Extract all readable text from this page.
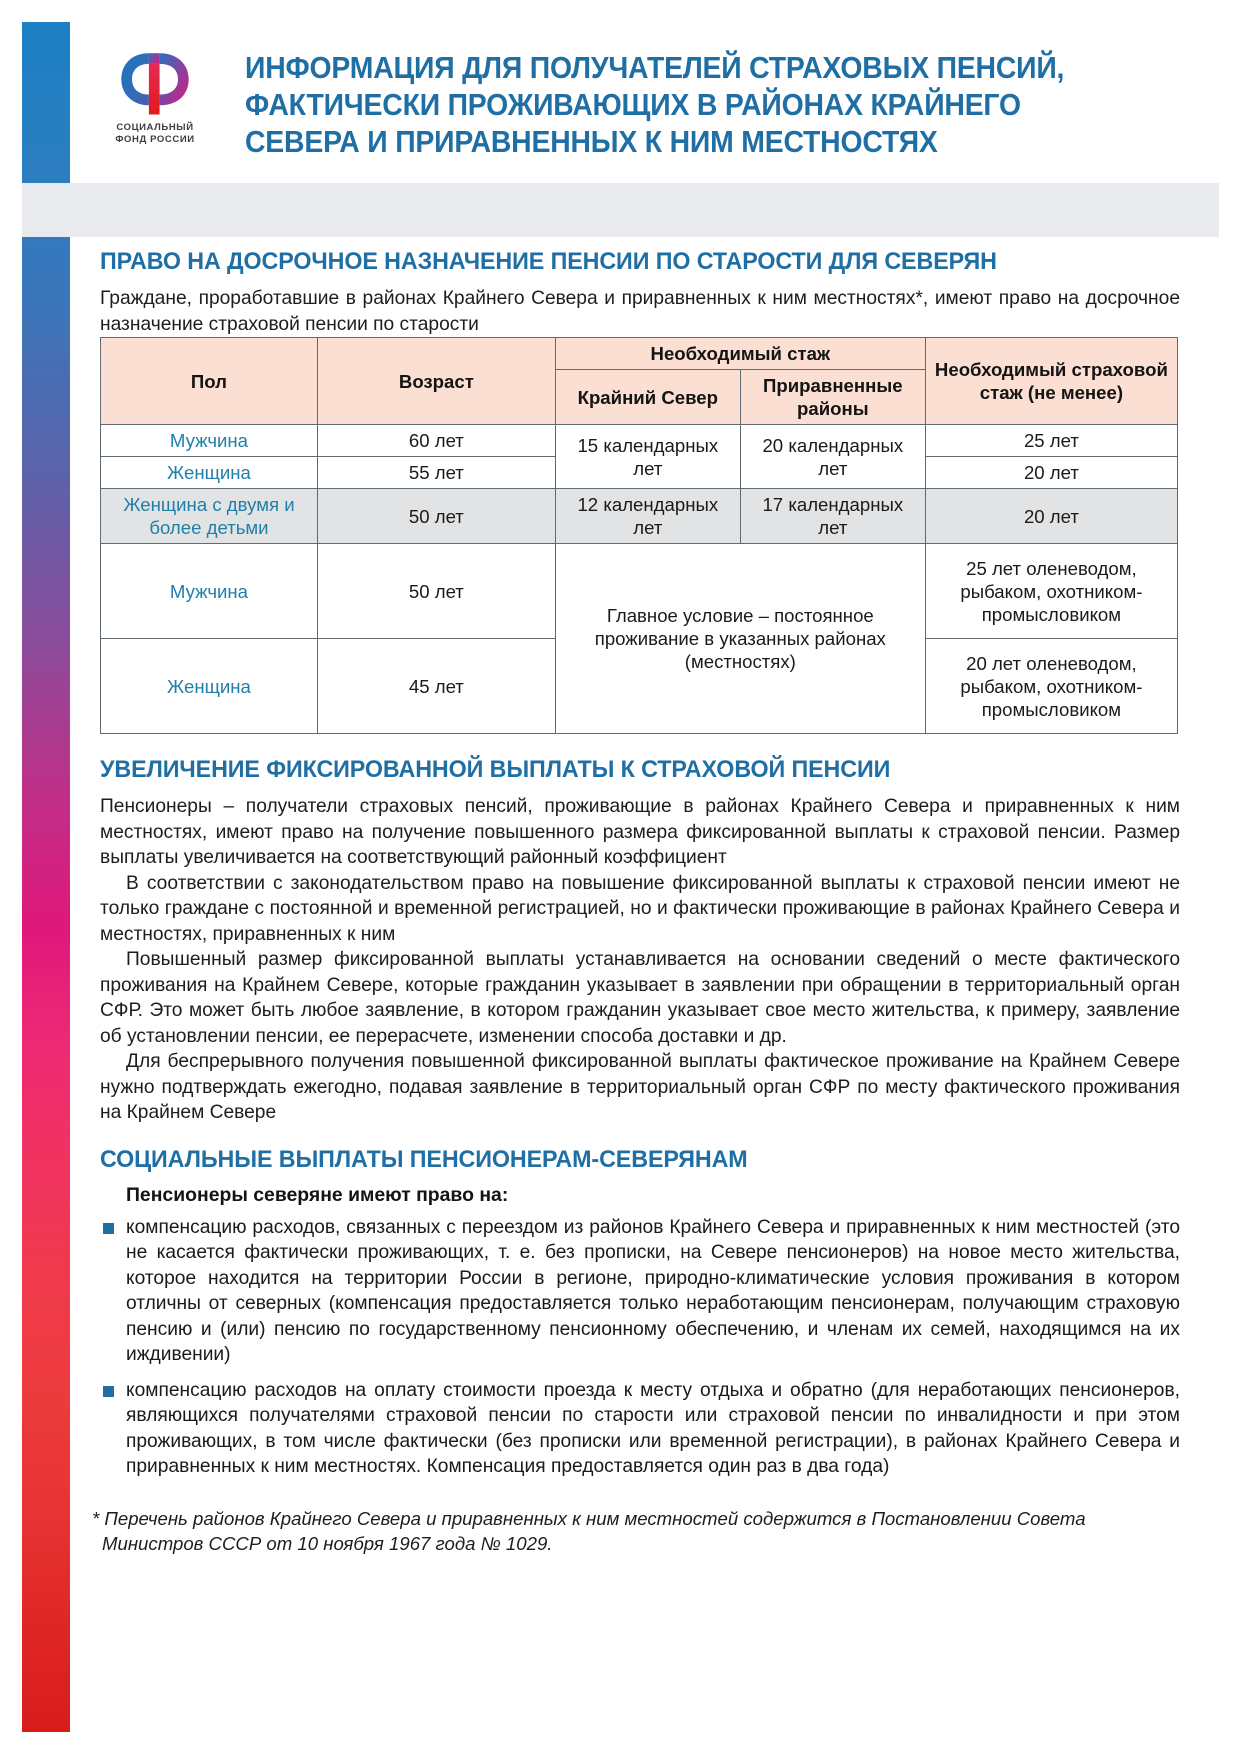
СОЦИАЛЬНЫЙ
ФОНД РОССИИ
ИНФОРМАЦИЯ ДЛЯ ПОЛУЧАТЕЛЕЙ СТРАХОВЫХ ПЕНСИЙ, ФАКТИЧЕСКИ ПРОЖИВАЮЩИХ В РАЙОНАХ КРАЙНЕГО СЕВЕРА И ПРИРАВНЕННЫХ К НИМ МЕСТНОСТЯХ
ПРАВО НА ДОСРОЧНОЕ НАЗНАЧЕНИЕ ПЕНСИИ ПО СТАРОСТИ ДЛЯ СЕВЕРЯН

Граждане, проработавшие в районах Крайнего Севера и приравненных к ним местностях*, имеют право на досрочное назначение страховой пенсии по старости

Пол	Возраст	Необходимый стаж		Необходимый страховой стаж (не менее)
		Крайний Север	Приравненные районы	
Мужчина	60 лет	15 календарных лет	20 календарных лет	25 лет
Женщина	55 лет			20 лет
Женщина с двумя и более детьми	50 лет	12 календарных лет	17 календарных лет	20 лет
Мужчина	50 лет	Главное условие – постоянное проживание в указанных районах (местностях)		25 лет оленеводом, рыбаком, охотником-промысловиком
Женщина	45 лет			20 лет оленеводом, рыбаком, охотником-промысловиком
УВЕЛИЧЕНИЕ ФИКСИРОВАННОЙ ВЫПЛАТЫ К СТРАХОВОЙ ПЕНСИИ

Пенсионеры – получатели страховых пенсий, проживающие в районах Крайнего Севера и приравненных к ним местностях, имеют право на получение повышенного размера фиксированной выплаты к страховой пенсии. Размер выплаты увеличивается на соответствующий районный коэффициент

В соответствии с законодательством право на повышение фиксированной выплаты к страховой пенсии имеют не только граждане с постоянной и временной регистрацией, но и фактически проживающие в районах Крайнего Севера и местностях, приравненных к ним

Повышенный размер фиксированной выплаты устанавливается на основании сведений о месте фактического проживания на Крайнем Севере, которые гражданин указывает в заявлении при обращении в территориальный орган СФР. Это может быть любое заявление, в котором гражданин указывает свое место жительства, к примеру, заявление об установлении пенсии, ее перерасчете, изменении способа доставки и др.

Для беспрерывного получения повышенной фиксированной выплаты фактическое проживание на Крайнем Севере нужно подтверждать ежегодно, подавая заявление в территориальный орган СФР по месту фактического проживания на Крайнем Севере

СОЦИАЛЬНЫЕ ВЫПЛАТЫ ПЕНСИОНЕРАМ-СЕВЕРЯНАМ
Пенсионеры северяне имеют право на:
компенсацию расходов, связанных с переездом из районов Крайнего Севера и приравненных к ним местностей (это не касается фактически проживающих, т. е. без прописки, на Севере пенсионеров) на новое место жительства, которое находится на территории России в регионе, природно-климатические условия проживания в котором отличны от северных (компенсация предоставляется только неработающим пенсионерам, получающим страховую пенсию и (или) пенсию по государственному пенсионному обеспечению, и членам их семей, находящимся на их иждивении)
компенсацию расходов на оплату стоимости проезда к месту отдыха и обратно (для неработающих пенсионеров, являющихся получателями страховой пенсии по старости или страховой пенсии по инвалидности и при этом проживающих, в том числе фактически (без прописки или временной регистрации), в районах Крайнего Севера и приравненных к ним местностях. Компенсация предоставляется один раз в два года)
* Перечень районов Крайнего Севера и приравненных к ним местностей содержится в Постановлении Совета Министров СССР от 10 ноября 1967 года № 1029.
